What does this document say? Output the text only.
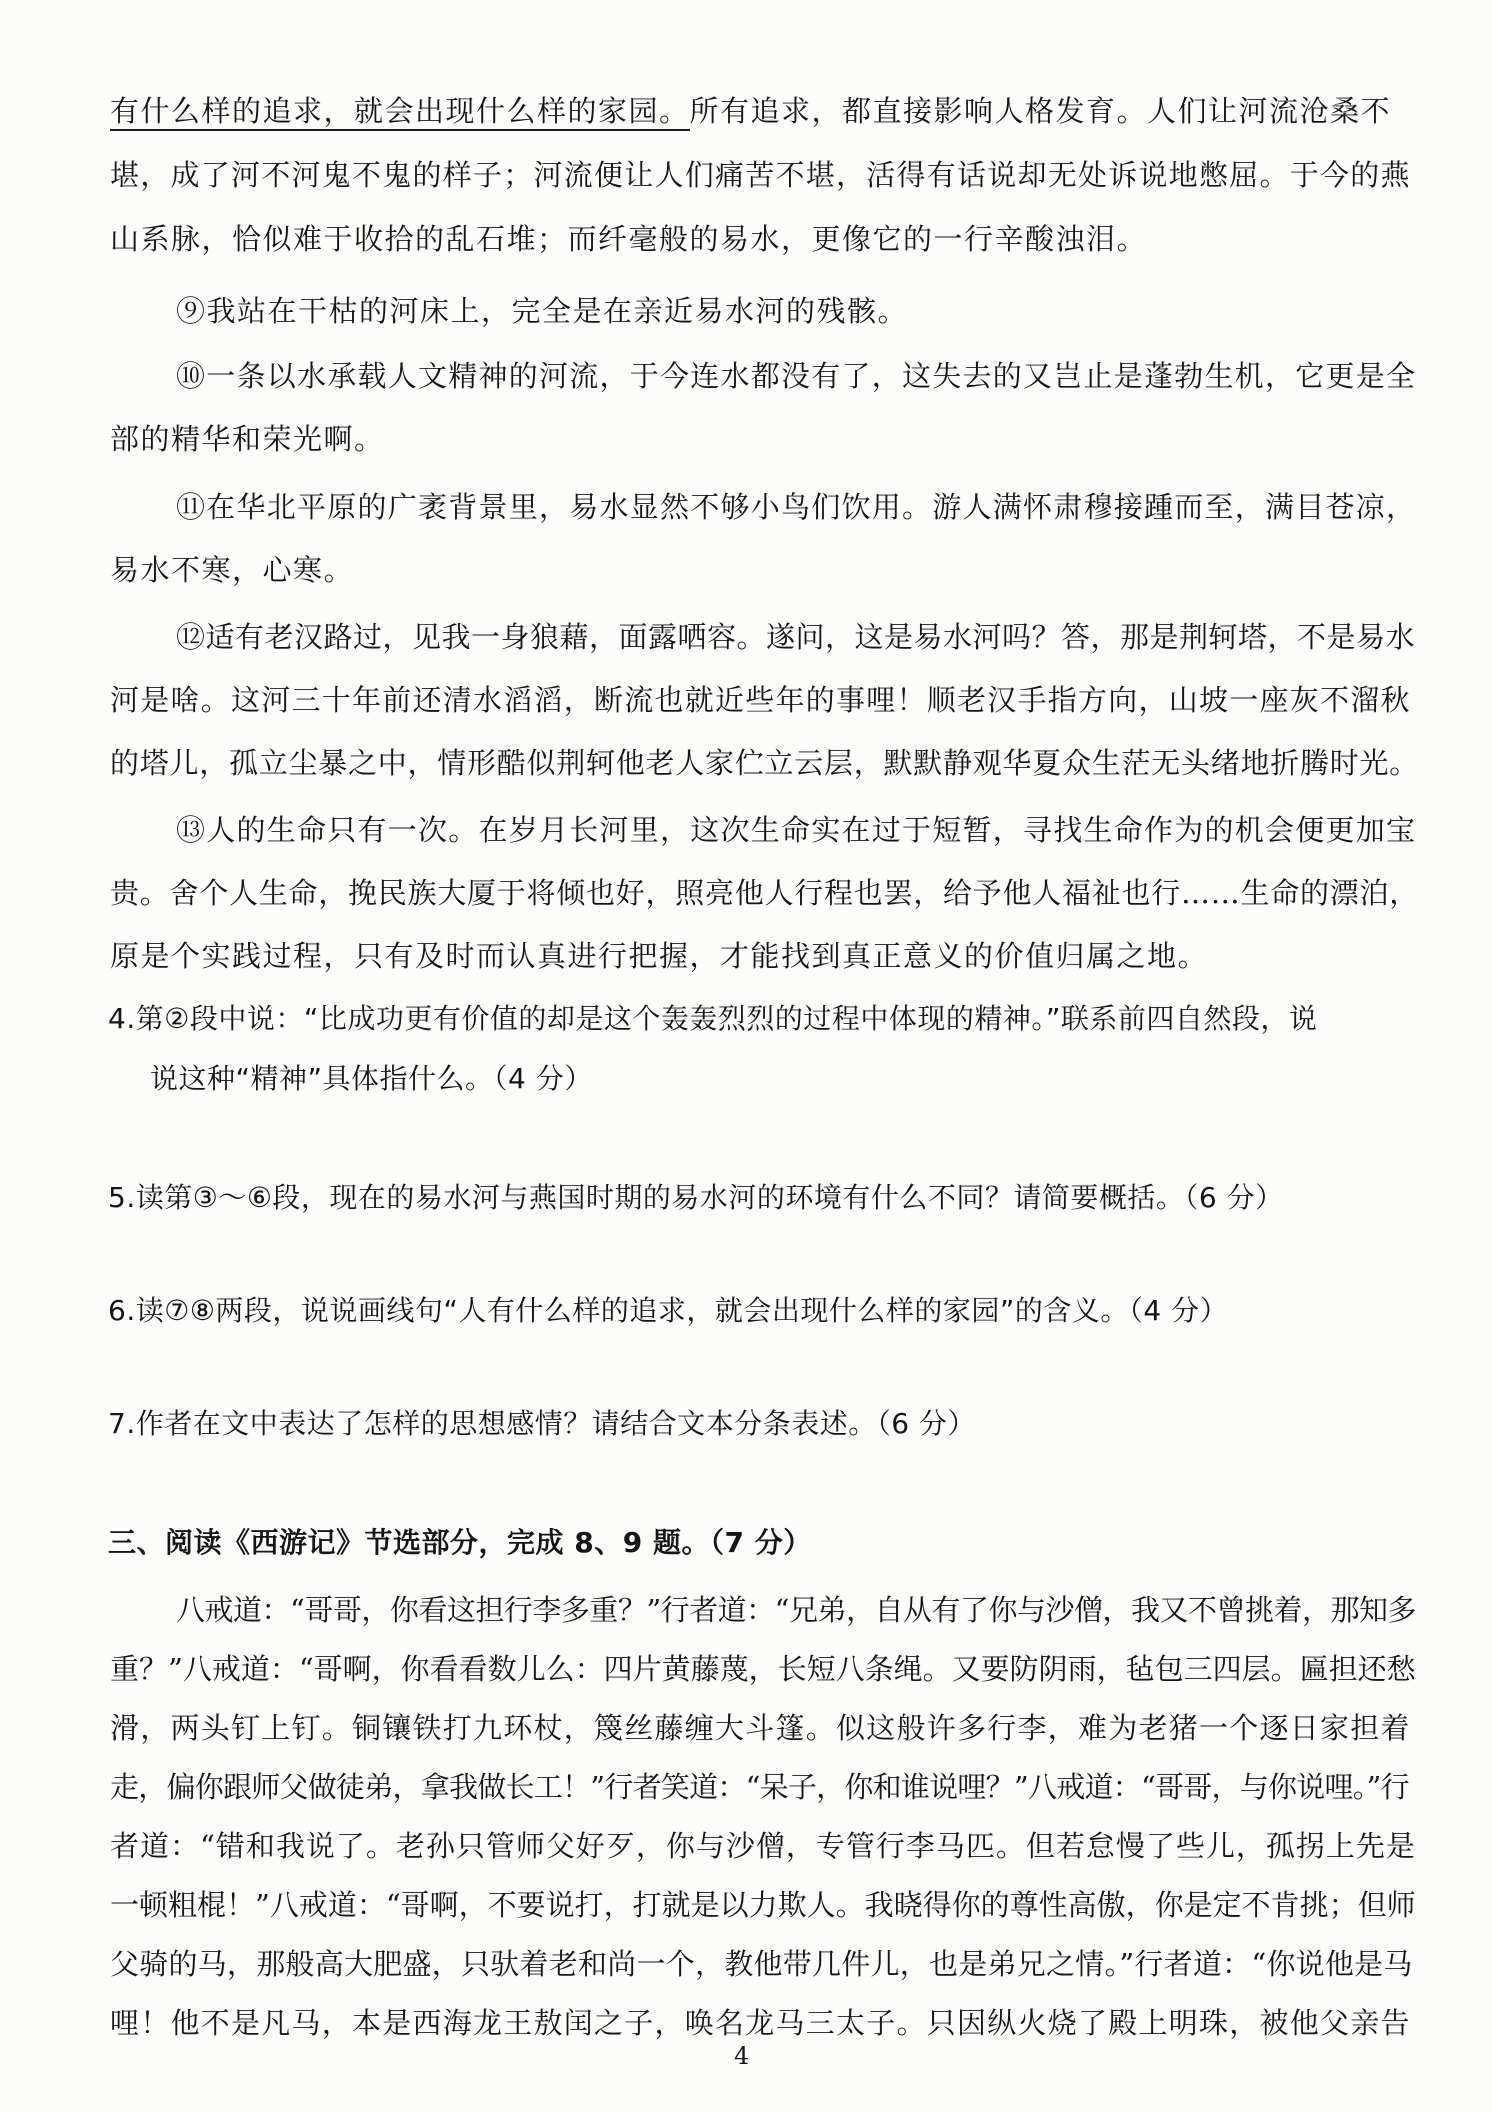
有什么样的追求，就会出现什么样的家园。所有追求，都直接影响人格发育。人们让河流沧桑不
堪，成了河不河鬼不鬼的样子；河流便让人们痛苦不堪，活得有话说却无处诉说地憋屈。于今的燕
山系脉，恰似难于收拾的乱石堆；而纤毫般的易水，更像它的一行辛酸浊泪。
⑨我站在干枯的河床上，完全是在亲近易水河的残骸。
⑩一条以水承载人文精神的河流，于今连水都没有了，这失去的又岂止是蓬勃生机，它更是全
部的精华和荣光啊。
⑪在华北平原的广袤背景里，易水显然不够小鸟们饮用。游人满怀肃穆接踵而至，满目苍凉，
易水不寒，心寒。
⑫适有老汉路过，见我一身狼藉，面露哂容。遂问，这是易水河吗？答，那是荆轲塔，不是易水
河是啥。这河三十年前还清水滔滔，断流也就近些年的事哩！顺老汉手指方向，山坡一座灰不溜秋
的塔儿，孤立尘暴之中，情形酷似荆轲他老人家伫立云层，默默静观华夏众生茫无头绪地折腾时光。
⑬人的生命只有一次。在岁月长河里，这次生命实在过于短暂，寻找生命作为的机会便更加宝
贵。舍个人生命，挽民族大厦于将倾也好，照亮他人行程也罢，给予他人福祉也行……生命的漂泊，
原是个实践过程，只有及时而认真进行把握，才能找到真正意义的价值归属之地。
4.第②段中说：“比成功更有价值的却是这个轰轰烈烈的过程中体现的精神。”联系前四自然段，说
说这种“精神”具体指什么。（4 分）
5.读第③～⑥段，现在的易水河与燕国时期的易水河的环境有什么不同？请简要概括。（6 分）
6.读⑦⑧两段，说说画线句“人有什么样的追求，就会出现什么样的家园”的含义。（4 分）
7.作者在文中表达了怎样的思想感情？请结合文本分条表述。（6 分）
三、阅读《西游记》节选部分，完成 8、9 题。（7 分）
八戒道：“哥哥，你看这担行李多重？”行者道：“兄弟，自从有了你与沙僧，我又不曾挑着，那知多
重？”八戒道：“哥啊，你看看数儿么：四片黄藤蔑，长短八条绳。又要防阴雨，毡包三四层。匾担还愁
滑，两头钉上钉。铜镶铁打九环杖，篾丝藤缠大斗篷。似这般许多行李，难为老猪一个逐日家担着
走，偏你跟师父做徒弟，拿我做长工！”行者笑道：“呆子，你和谁说哩？”八戒道：“哥哥，与你说哩。”行
者道：“错和我说了。老孙只管师父好歹，你与沙僧，专管行李马匹。但若怠慢了些儿，孤拐上先是
一顿粗棍！”八戒道：“哥啊，不要说打，打就是以力欺人。我晓得你的尊性高傲，你是定不肯挑；但师
父骑的马，那般高大肥盛，只驮着老和尚一个，教他带几件儿，也是弟兄之情。”行者道：“你说他是马
哩！他不是凡马，本是西海龙王敖闰之子，唤名龙马三太子。只因纵火烧了殿上明珠，被他父亲告
4
